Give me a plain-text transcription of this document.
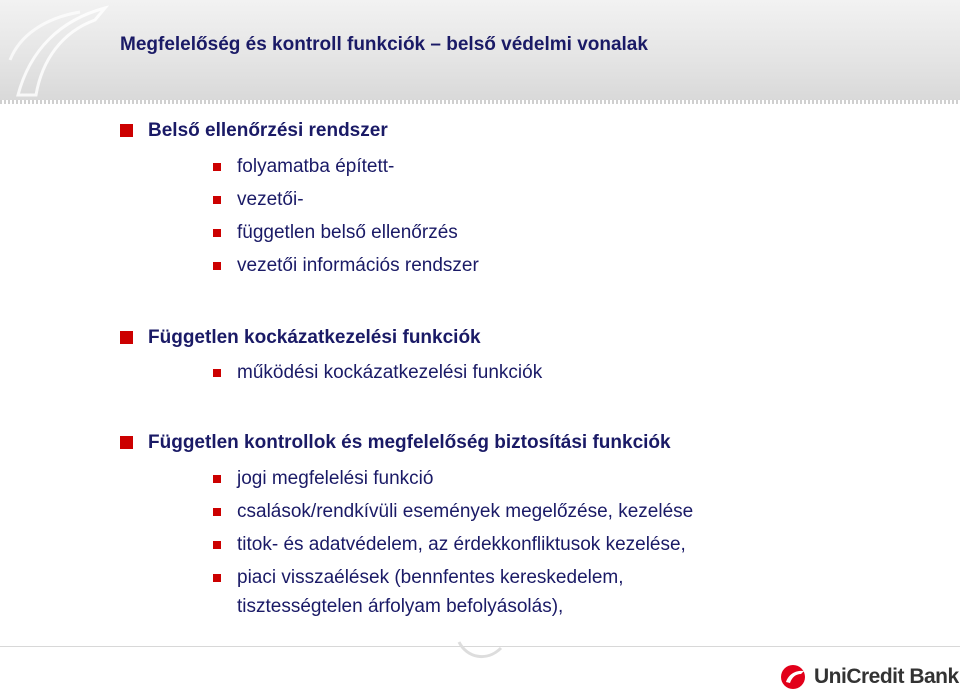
Megfelelőség és kontroll funkciók – belső védelmi vonalak
Belső ellenőrzési rendszer
folyamatba épített-
vezetői-
független belső ellenőrzés
vezetői információs rendszer
Független kockázatkezelési funkciók
működési kockázatkezelési funkciók
Független kontrollok és megfelelőség biztosítási funkciók
jogi megfelelési funkció
csalások/rendkívüli események megelőzése, kezelése
titok- és adatvédelem, az érdekkonfliktusok kezelése,
piaci visszaélések (bennfentes kereskedelem,
tisztességtelen árfolyam befolyásolás),
UniCredit Bank
